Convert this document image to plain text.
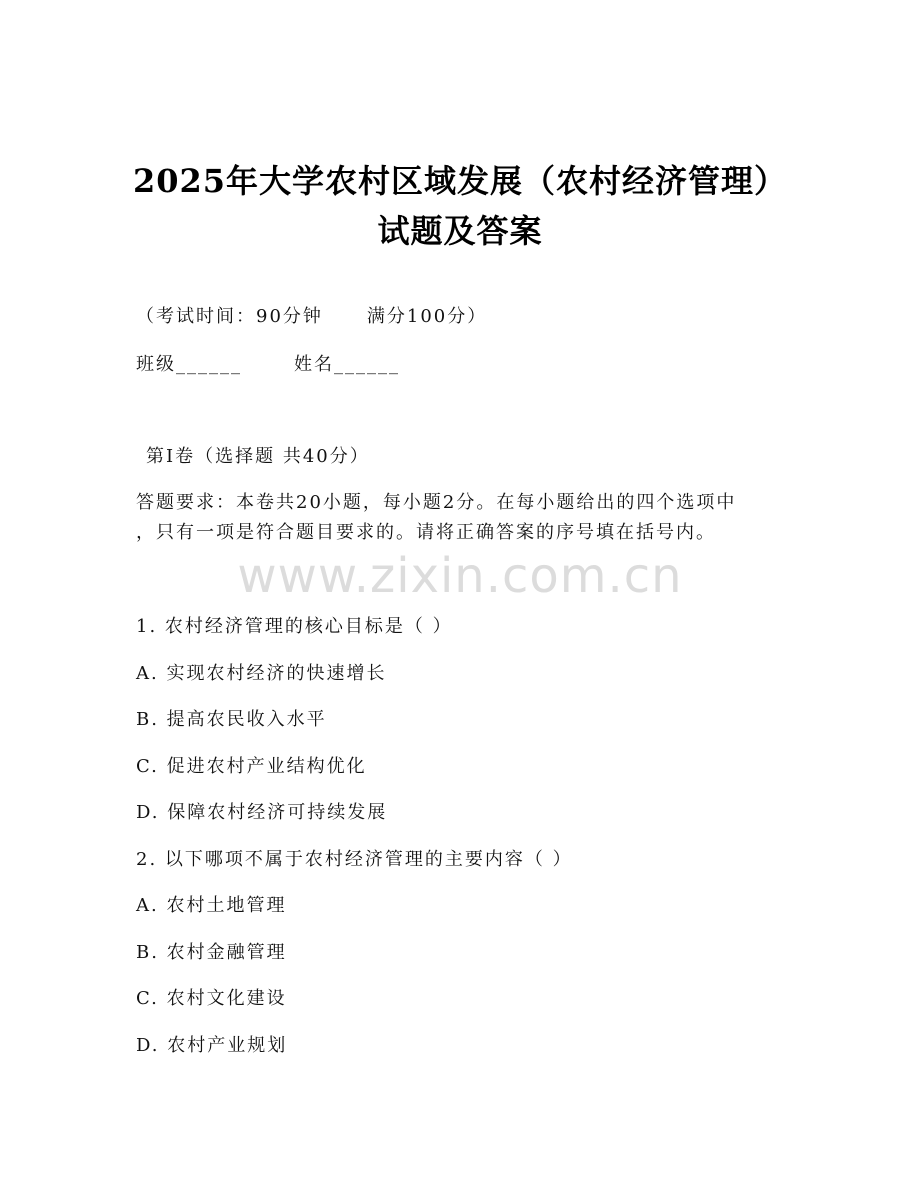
2025年大学农村区域发展（农村经济管理）
试题及答案

（考试时间：90分钟 满分100分）

班级______	姓名______

第Ⅰ卷（选择题 共40分）

答题要求：本卷共20小题，每小题2分。在每小题给出的四个选项中

，只有一项是符合题目要求的。请将正确答案的序号填在括号内。

www.zixin.com.cn

1. 农村经济管理的核心目标是（ ）

A. 实现农村经济的快速增长

B. 提高农民收入水平

C. 促进农村产业结构优化

D. 保障农村经济可持续发展

2. 以下哪项不属于农村经济管理的主要内容（ ）

A. 农村土地管理

B. 农村金融管理

C. 农村文化建设

D. 农村产业规划
